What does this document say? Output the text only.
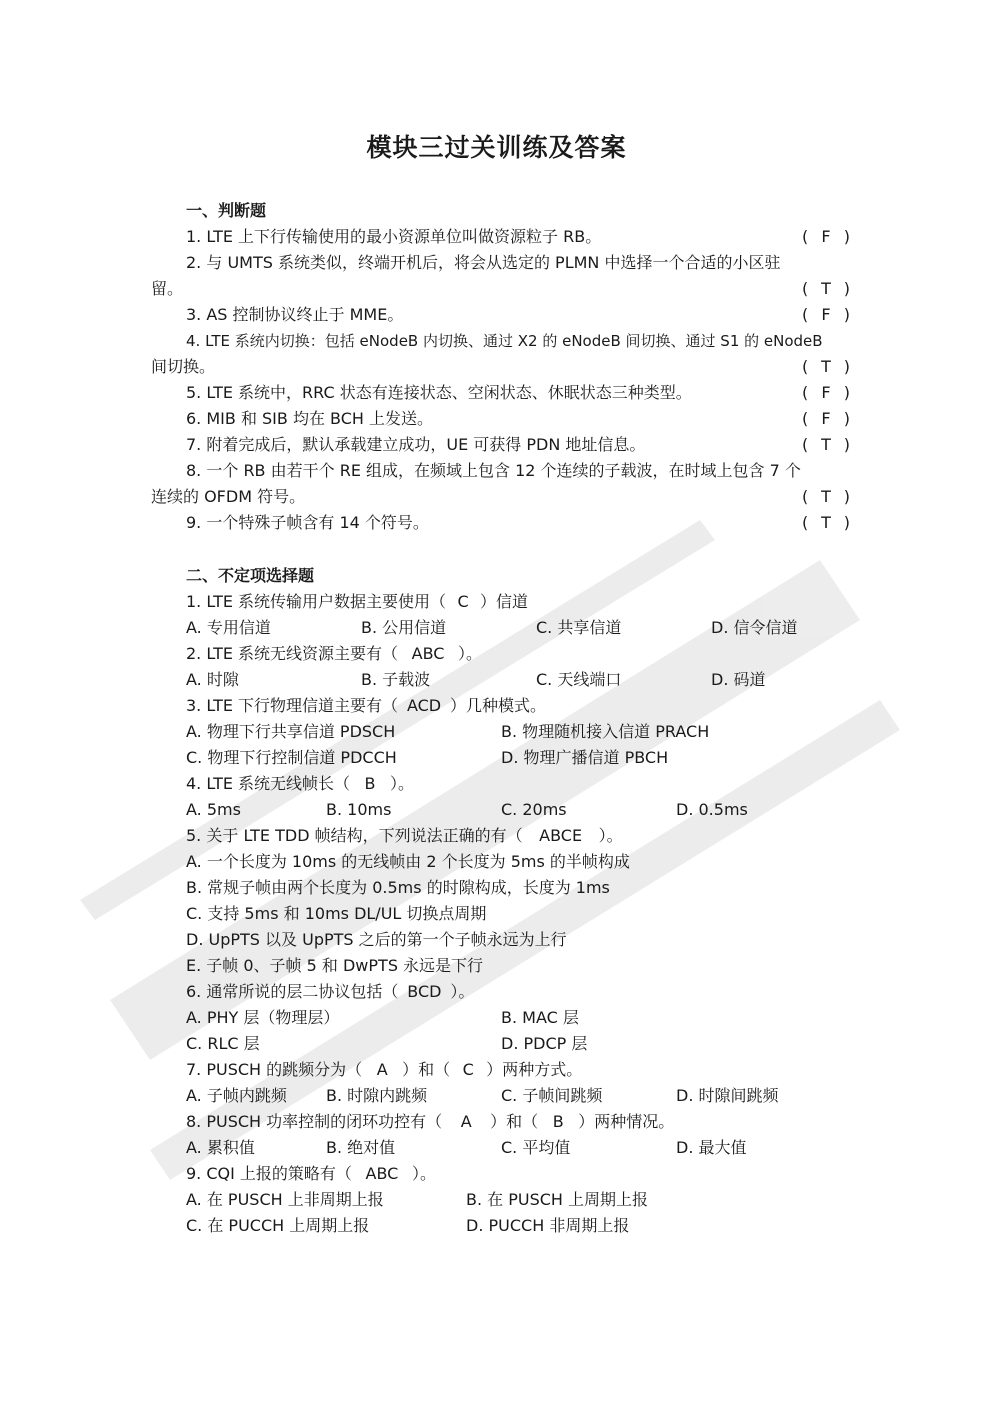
模块三过关训练及答案
一、判断题
1. LTE 上下行传输使用的最小资源单位叫做资源粒子 RB。	( F )
2. 与 UMTS 系统类似，终端开机后，将会从选定的 PLMN 中选择一个合适的小区驻
留。	( T )
3. AS 控制协议终止于 MME。	( F )
4. LTE 系统内切换：包括 eNodeB 内切换、通过 X2 的 eNodeB 间切换、通过 S1 的 eNodeB
间切换。	( T )
5. LTE 系统中，RRC 状态有连接状态、空闲状态、休眠状态三种类型。	( F )
6. MIB 和 SIB 均在 BCH 上发送。	( F )
7. 附着完成后，默认承载建立成功，UE 可获得 PDN 地址信息。	( T )
8. 一个 RB 由若干个 RE 组成，在频域上包含 12 个连续的子载波，在时域上包含 7 个
连续的 OFDM 符号。	( T )
9. 一个特殊子帧含有 14 个符号。	( T )
二、不定项选择题
1. LTE 系统传输用户数据主要使用（ C ）信道
A. 专用信道	B. 公用信道	C. 共享信道	D. 信令信道
2. LTE 系统无线资源主要有（ ABC ）。
A. 时隙	B. 子载波	C. 天线端口	D. 码道
3. LTE 下行物理信道主要有（ ACD ）几种模式。
A. 物理下行共享信道 PDSCH	B. 物理随机接入信道 PRACH
C. 物理下行控制信道 PDCCH	D. 物理广播信道 PBCH
4. LTE 系统无线帧长（ B ）。
A. 5ms	B. 10ms	C. 20ms	D. 0.5ms
5. 关于 LTE TDD 帧结构，下列说法正确的有（ ABCE ）。
A. 一个长度为 10ms 的无线帧由 2 个长度为 5ms 的半帧构成
B. 常规子帧由两个长度为 0.5ms 的时隙构成，长度为 1ms
C. 支持 5ms 和 10ms DL/UL 切换点周期
D. UpPTS 以及 UpPTS 之后的第一个子帧永远为上行
E. 子帧 0、子帧 5 和 DwPTS 永远是下行
6. 通常所说的层二协议包括（ BCD ）。
A. PHY 层（物理层）	B. MAC 层
C. RLC 层	D. PDCP 层
7. PUSCH 的跳频分为（ A ）和（ C ）两种方式。
A. 子帧内跳频 B. 时隙内跳频	C. 子帧间跳频	D. 时隙间跳频
8. PUSCH 功率控制的闭环功控有（ A ）和（ B ）两种情况。
A. 累积值	B. 绝对值	C. 平均值	D. 最大值
9. CQI 上报的策略有（ ABC ）。
A. 在 PUSCH 上非周期上报	B. 在 PUSCH 上周期上报
C. 在 PUCCH 上周期上报	D. PUCCH 非周期上报
